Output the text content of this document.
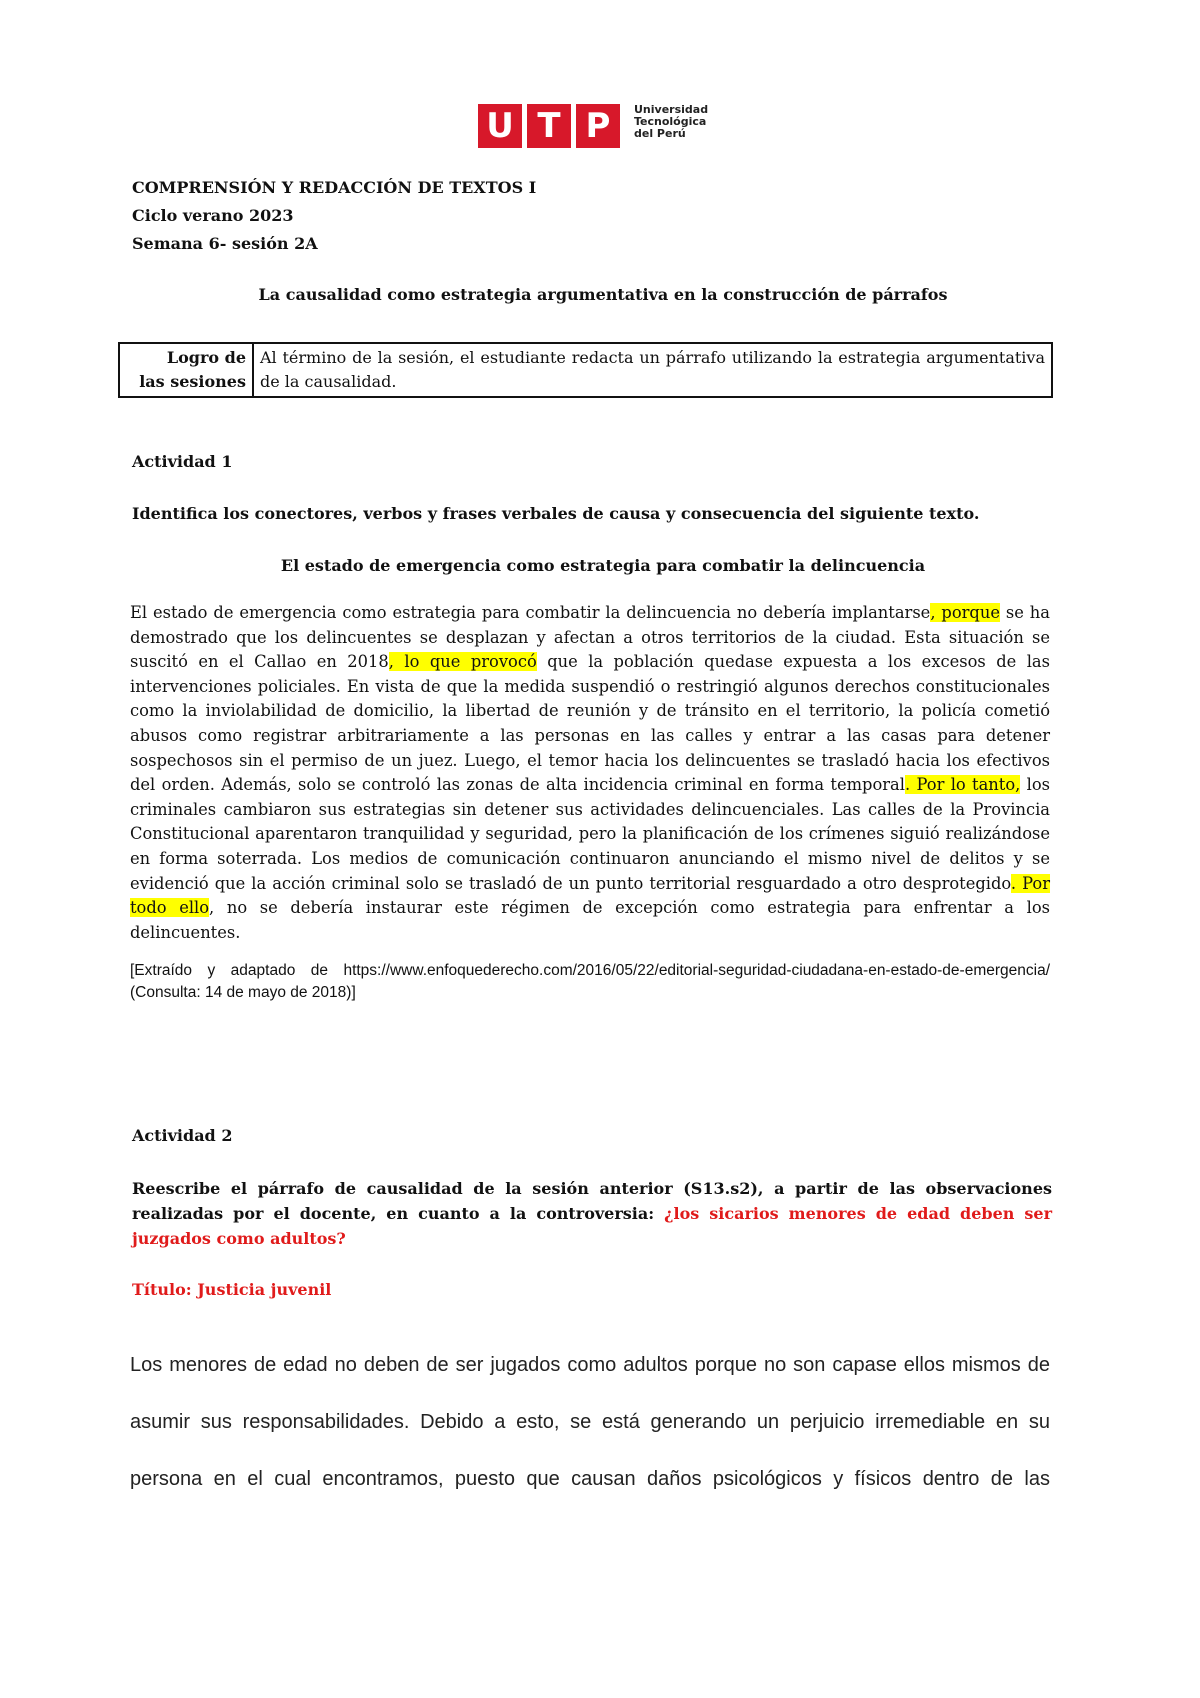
U T P	Universidad
Tecnológica
del Perú
COMPRENSIÓN Y REDACCIÓN DE TEXTOS I
Ciclo verano 2023
Semana 6- sesión 2A
La causalidad como estrategia argumentativa en la construcción de párrafos
Logro de
las sesiones
	Al término de la sesión, el estudiante redacta un párrafo utilizando la estrategia argumentativa de la causalidad.
Actividad 1
Identifica los conectores, verbos y frases verbales de causa y consecuencia del siguiente texto.
El estado de emergencia como estrategia para combatir la delincuencia
El estado de emergencia como estrategia para combatir la delincuencia no debería implantarse, porque se ha demostrado que los delincuentes se desplazan y afectan a otros territorios de la ciudad. Esta situación se suscitó en el Callao en 2018, lo que provocó que la población quedase expuesta a los excesos de las intervenciones policiales. En vista de que la medida suspendió o restringió algunos derechos constitucionales como la inviolabilidad de domicilio, la libertad de reunión y de tránsito en el territorio, la policía cometió abusos como registrar arbitrariamente a las personas en las calles y entrar a las casas para detener sospechosos sin el permiso de un juez. Luego, el temor hacia los delincuentes se trasladó hacia los efectivos del orden. Además, solo se controló las zonas de alta incidencia criminal en forma temporal. Por lo tanto, los criminales cambiaron sus estrategias sin detener sus actividades delincuenciales. Las calles de la Provincia Constitucional aparentaron tranquilidad y seguridad, pero la planificación de los crímenes siguió realizándose en forma soterrada. Los medios de comunicación continuaron anunciando el mismo nivel de delitos y se evidenció que la acción criminal solo se trasladó de un punto territorial resguardado a otro desprotegido. Por todo ello, no se debería instaurar este régimen de excepción como estrategia para enfrentar a los delincuentes.
[Extraído y adaptado de https://www.enfoquederecho.com/2016/05/22/editorial-seguridad-ciudadana-en-estado-de-emergencia/ (Consulta: 14 de mayo de 2018)]
Actividad 2
Reescribe el párrafo de causalidad de la sesión anterior (S13.s2), a partir de las observaciones realizadas por el docente, en cuanto a la controversia: ¿los sicarios menores de edad deben ser juzgados como adultos?
Título: Justicia juvenil
Los menores de edad no deben de ser jugados como adultos porque no son capase ellos mismos de
asumir sus responsabilidades. Debido a esto, se está generando un perjuicio irremediable en su
persona en el cual encontramos, puesto que causan daños psicológicos y físicos dentro de las
